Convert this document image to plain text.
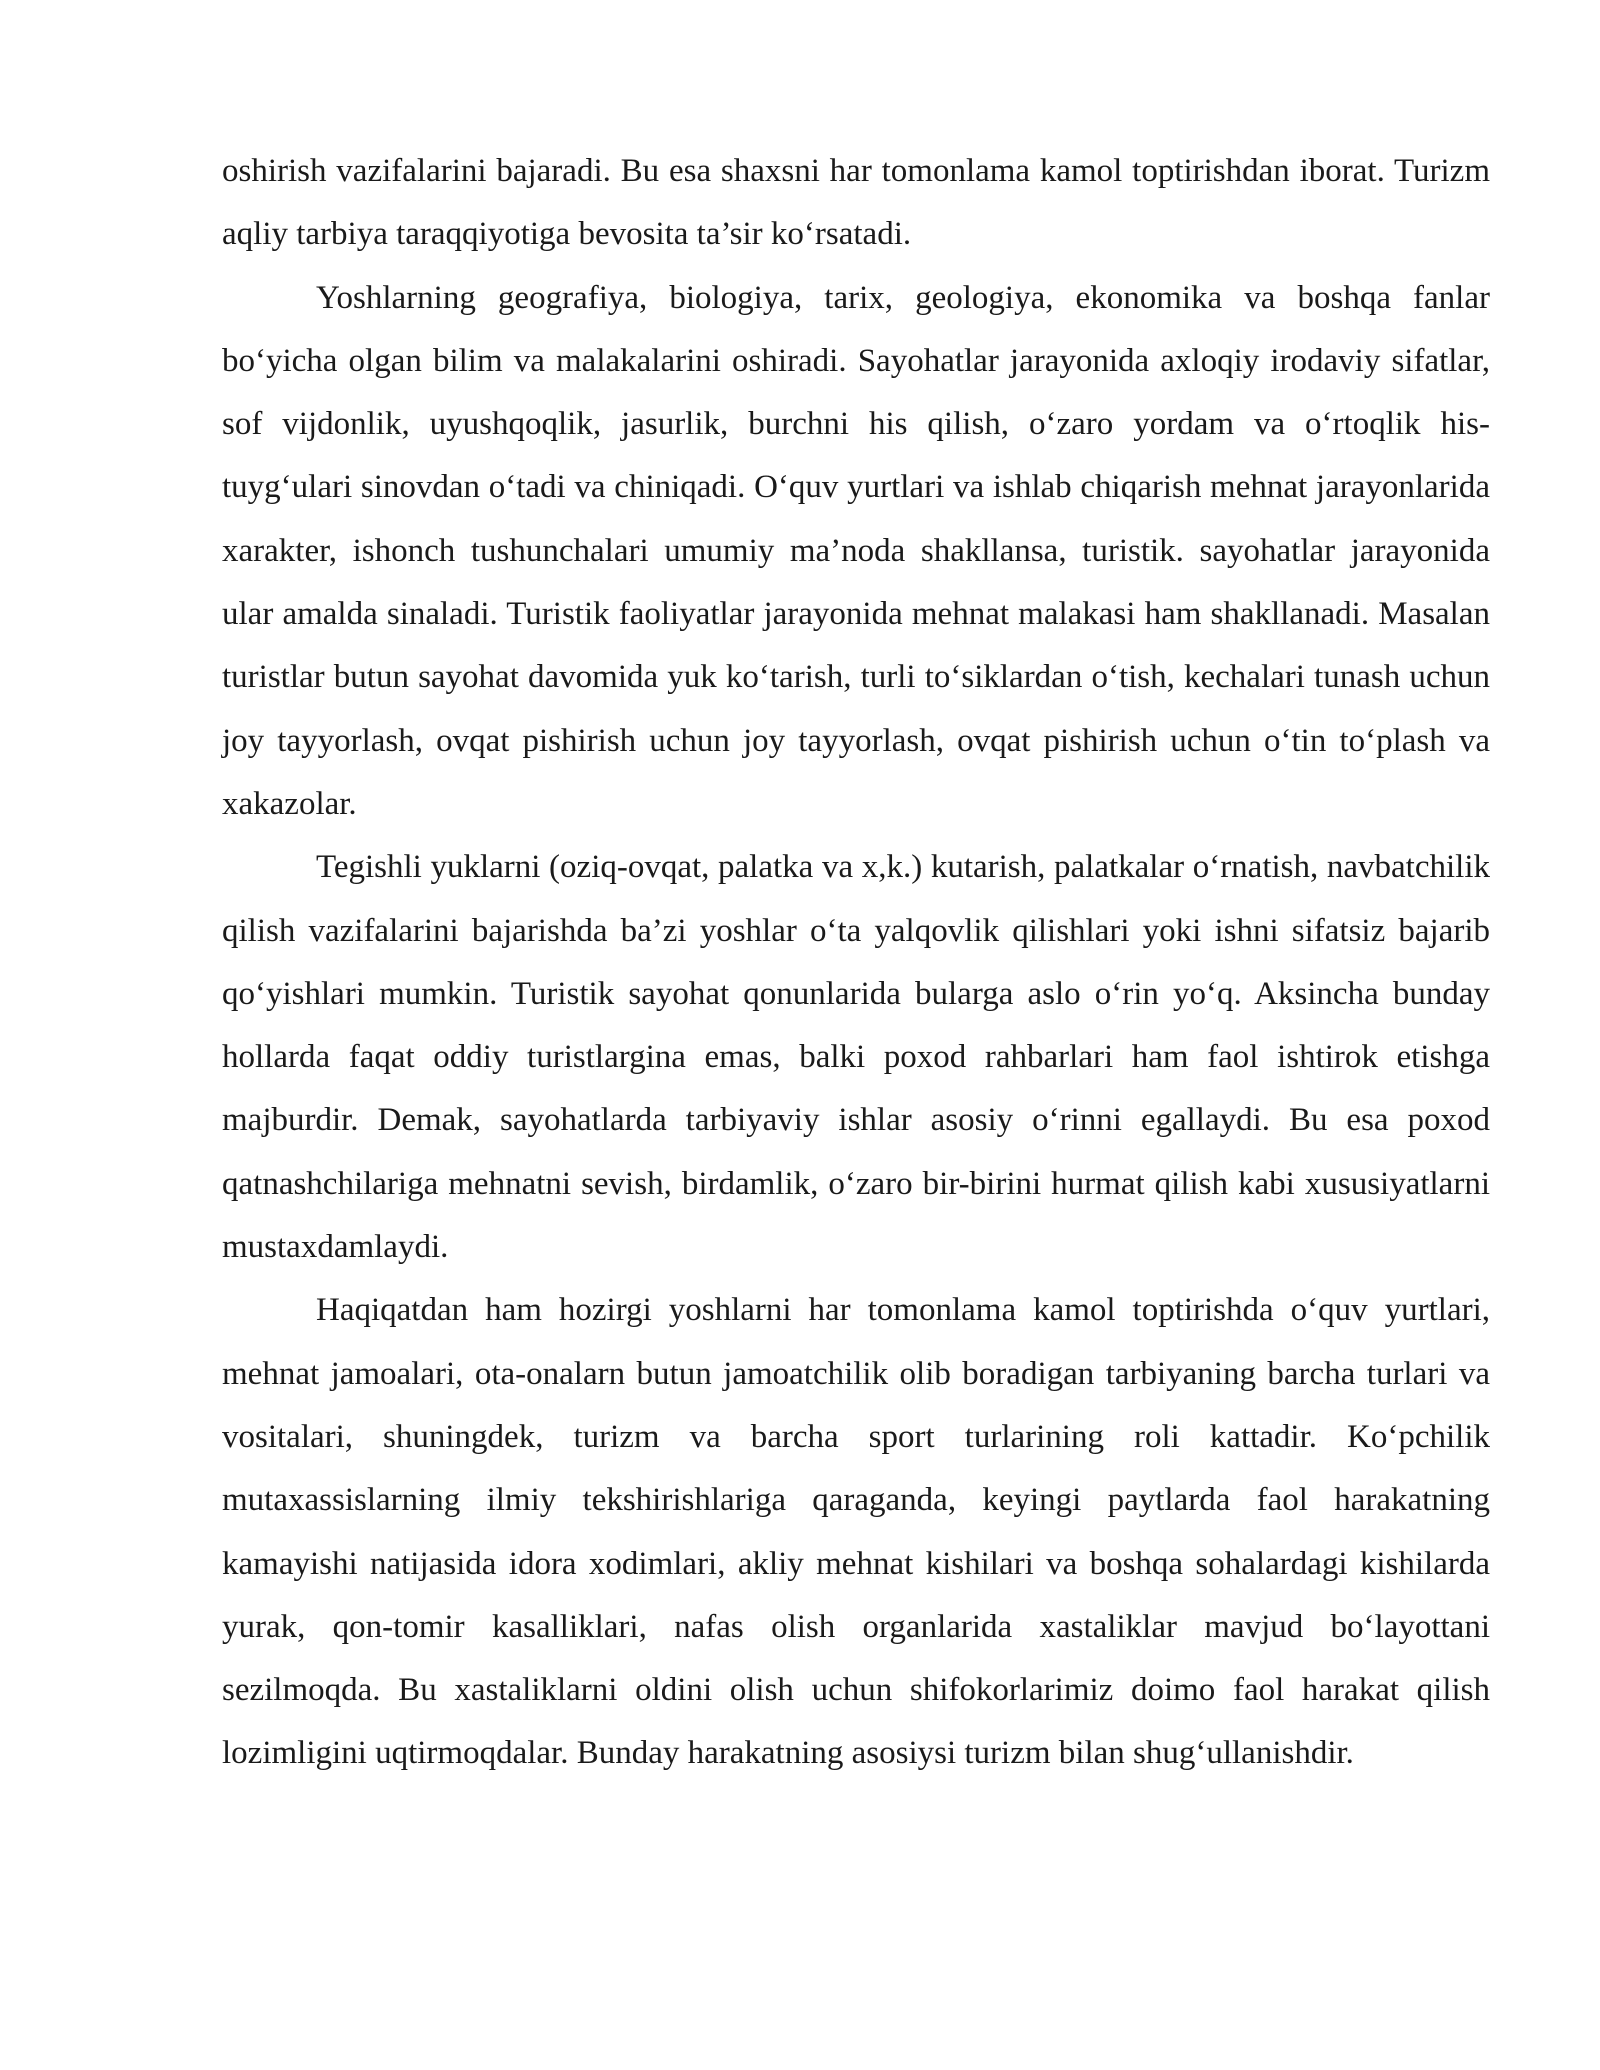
oshirish vazifalarini bajaradi. Bu esa shaxsni har tomonlama kamol toptirishdan iborat. Turizm aqliy tarbiya taraqqiyotiga bevosita ta’sir ko‘rsatadi.

Yoshlarning geografiya, biologiya, tarix, geologiya, ekonomika va boshqa fanlar bo‘yicha olgan bilim va malakalarini oshiradi. Sayohatlar jarayonida axloqiy irodaviy sifatlar, sof vijdonlik, uyushqoqlik, jasurlik, burchni his qilish, o‘zaro yordam va o‘rtoqlik his-tuyg‘ulari sinovdan o‘tadi va chiniqadi. O‘quv yurtlari va ishlab chiqarish mehnat jarayonlarida xarakter, ishonch tushunchalari umumiy ma’noda shakllansa, turistik. sayohatlar jarayonida ular amalda sinaladi. Turistik faoliyatlar jarayonida mehnat malakasi ham shakllanadi. Masalan turistlar butun sayohat davomida yuk ko‘tarish, turli to‘siklardan o‘tish, kechalari tunash uchun joy tayyorlash, ovqat pishirish uchun joy tayyorlash, ovqat pishirish uchun o‘tin to‘plash va xakazolar.

Tegishli yuklarni (oziq-ovqat, palatka va x,k.) kutarish, palatkalar o‘rnatish, navbatchilik qilish vazifalarini bajarishda ba’zi yoshlar o‘ta yalqovlik qilishlari yoki ishni sifatsiz bajarib qo‘yishlari mumkin. Turistik sayohat qonunlarida bularga aslo o‘rin yo‘q. Aksincha bunday hollarda faqat oddiy turistlargina emas, balki poxod rahbarlari ham faol ishtirok etishga majburdir. Demak, sayohatlarda tarbiyaviy ishlar asosiy o‘rinni egallaydi. Bu esa poxod qatnashchilariga mehnatni sevish, birdamlik, o‘zaro bir-birini hurmat qilish kabi xususiyatlarni mustaxdamlaydi.

Haqiqatdan ham hozirgi yoshlarni har tomonlama kamol toptirishda o‘quv yurtlari, mehnat jamoalari, ota-onalarn butun jamoatchilik olib boradigan tarbiyaning barcha turlari va vositalari, shuningdek, turizm va barcha sport turlarining roli kattadir. Ko‘pchilik mutaxassislarning ilmiy tekshirishlariga qaraganda, keyingi paytlarda faol harakatning kamayishi natijasida idora xodimlari, akliy mehnat kishilari va boshqa sohalardagi kishilarda yurak, qon-tomir kasalliklari, nafas olish organlarida xastaliklar mavjud bo‘layottani sezilmoqda. Bu xastaliklarni oldini olish uchun shifokorlarimiz doimo faol harakat qilish lozimligini uqtirmoqdalar. Bunday harakatning asosiysi turizm bilan shug‘ullanishdir.
